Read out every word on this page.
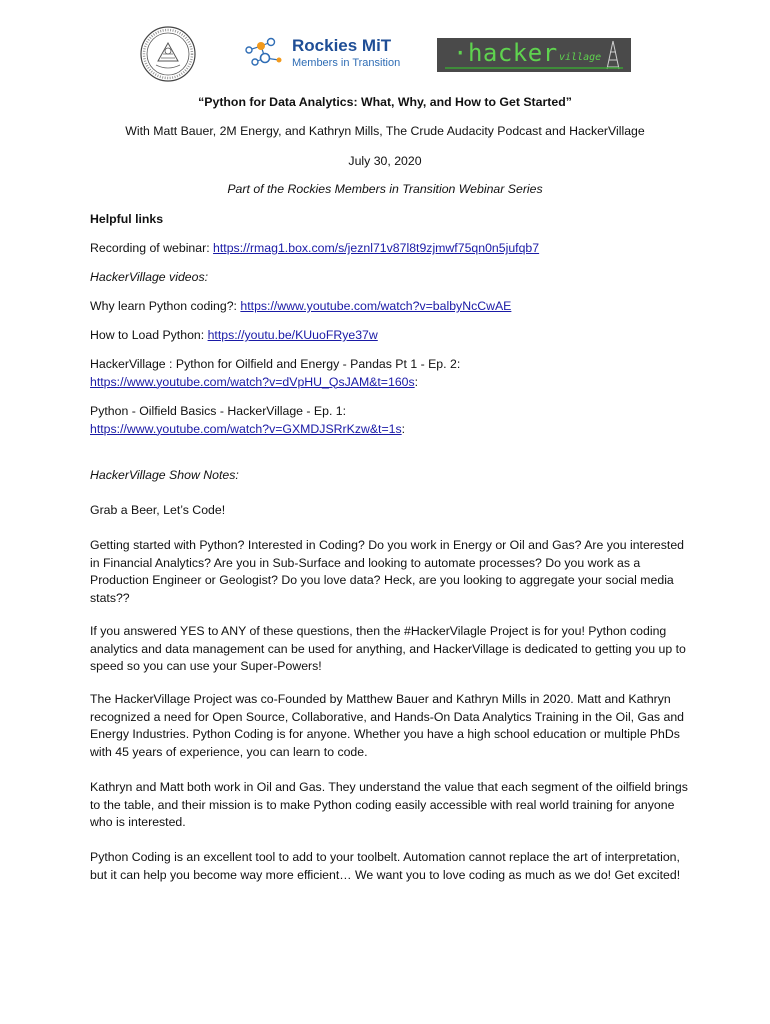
Rockies MiT
Members in Transition ·hacker village
“Python for Data Analytics: What, Why, and How to Get Started”
With Matt Bauer, 2M Energy, and Kathryn Mills, The Crude Audacity Podcast and HackerVillage
July 30, 2020
Part of the Rockies Members in Transition Webinar Series
Helpful links
Recording of webinar: https://rmag1.box.com/s/jeznl71v87l8t9zjmwf75qn0n5jufqb7
HackerVillage videos:
Why learn Python coding?: https://www.youtube.com/watch?v=balbyNcCwAE
How to Load Python: https://youtu.be/KUuoFRye37w
HackerVillage : Python for Oilfield and Energy - Pandas Pt 1 - Ep. 2:
https://www.youtube.com/watch?v=dVpHU_QsJAM&t=160s:
Python - Oilfield Basics - HackerVillage - Ep. 1:
https://www.youtube.com/watch?v=GXMDJSRrKzw&t=1s:
HackerVillage Show Notes:
Grab a Beer, Let’s Code!
Getting started with Python? Interested in Coding? Do you work in Energy or Oil and Gas? Are you interested in Financial Analytics? Are you in Sub-Surface and looking to automate processes? Do you work as a Production Engineer or Geologist? Do you love data? Heck, are you looking to aggregate your social media stats??
If you answered YES to ANY of these questions, then the #HackerVilagle Project is for you! Python coding analytics and data management can be used for anything, and HackerVillage is dedicated to getting you up to speed so you can use your Super-Powers!
The HackerVillage Project was co-Founded by Matthew Bauer and Kathryn Mills in 2020. Matt and Kathryn recognized a need for Open Source, Collaborative, and Hands-On Data Analytics Training in the Oil, Gas and Energy Industries. Python Coding is for anyone. Whether you have a high school education or multiple PhDs with 45 years of experience, you can learn to code.
Kathryn and Matt both work in Oil and Gas. They understand the value that each segment of the oilfield brings to the table, and their mission is to make Python coding easily accessible with real world training for anyone who is interested.
Python Coding is an excellent tool to add to your toolbelt. Automation cannot replace the art of interpretation, but it can help you become way more efficient… We want you to love coding as much as we do! Get excited!
